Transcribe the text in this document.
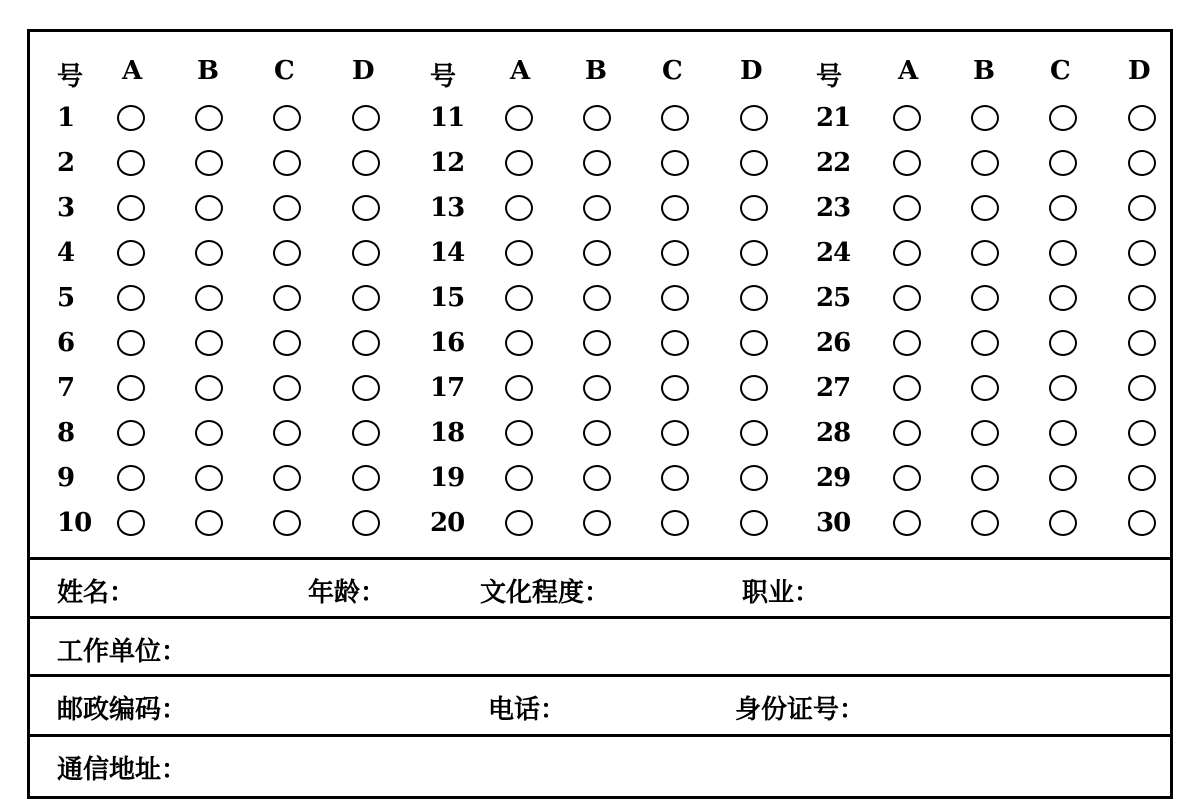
号 A B C D
1
2
3
4
5
6
7
8
9
10
号 A B C D
11
12
13
14
15
16
17
18
19
20
号 A B C D
21
22
23
24
25
26
27
28
29
30
姓名：	年龄：	文化程度：	职业：
工作单位：
邮政编码：	电话：	身份证号：
通信地址：
